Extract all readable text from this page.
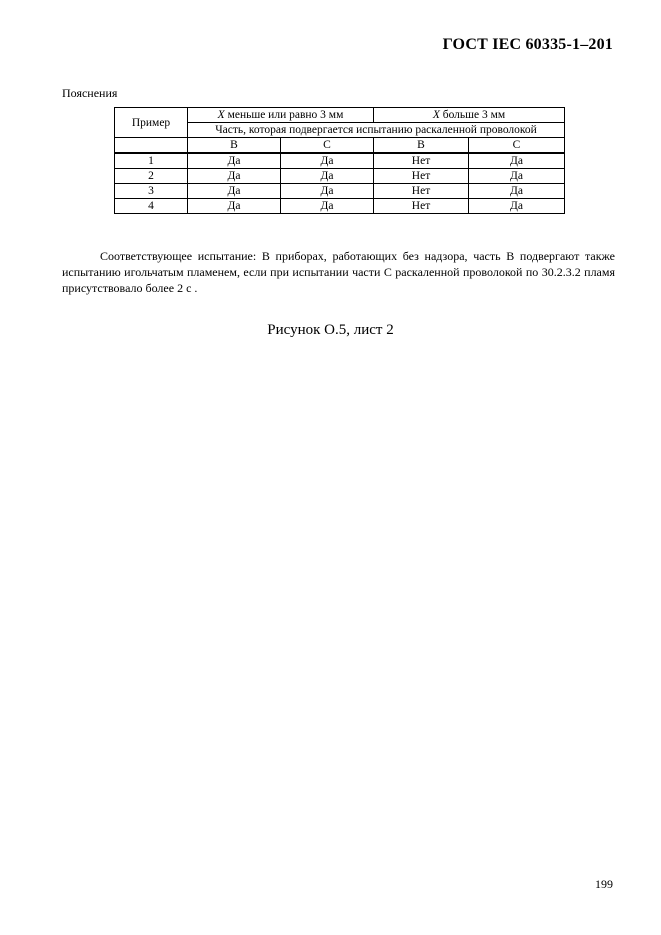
ГОСТ IEC 60335-1–201
Пояснения
Пример	X меньше или равно 3 мм		X больше 3 мм	
	Часть, которая подвергается испытанию раскаленной проволокой			
	B	C	B	C
1	Да	Да	Нет	Да
2	Да	Да	Нет	Да
3	Да	Да	Нет	Да
4	Да	Да	Нет	Да
Соответствующее испытание: В приборах, работающих без надзора, часть В подвергают также испытанию игольчатым пламенем, если при испытании части С раскаленной проволокой по 30.2.3.2 пламя присутствовало более 2 с .
Рисунок О.5, лист 2
199
